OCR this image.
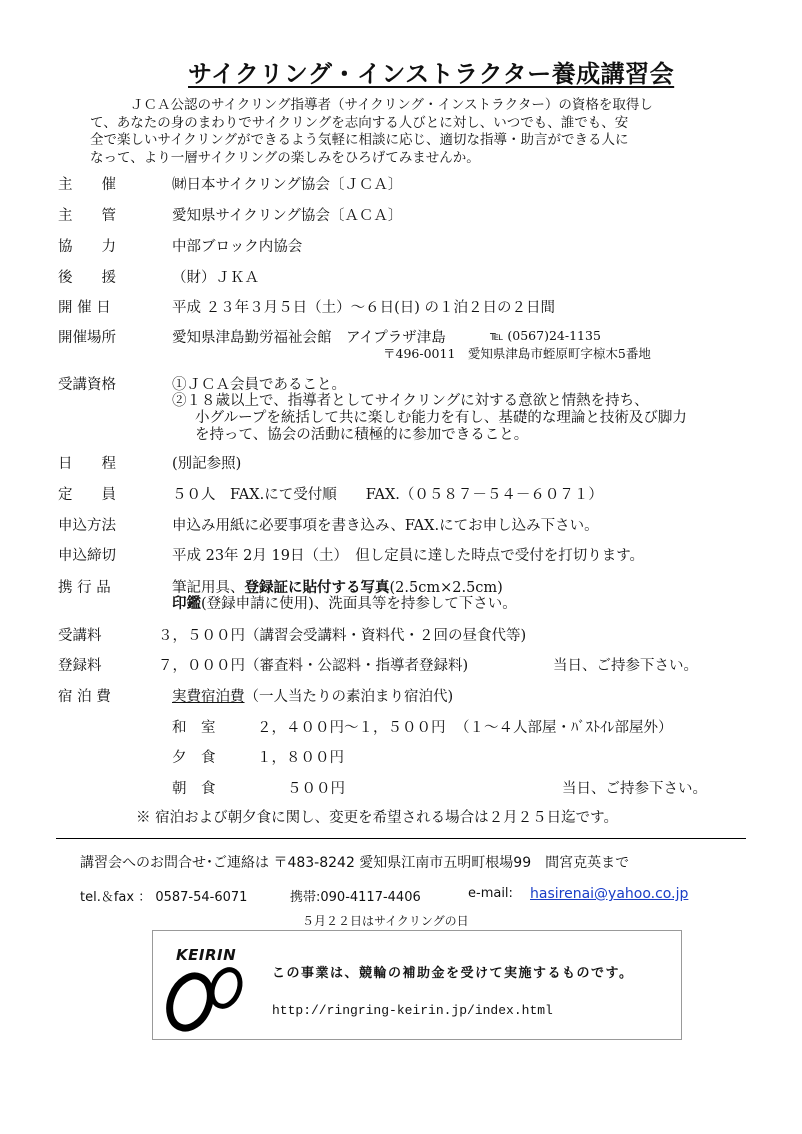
サイクリング・インストラクター養成講習会

ＪＣＡ公認のサイクリング指導者（サイクリング・インストラクター）の資格を取得し

て、あなたの身のまわりでサイクリングを志向する人びとに対し、いつでも、誰でも、安

全で楽しいサイクリングができるよう気軽に相談に応じ、適切な指導・助言ができる人に

なって、より一層サイクリングの楽しみをひろげてみませんか。

主　　催	㈶日本サイクリング協会〔ＪＣＡ〕
主　　管	愛知県サイクリング協会〔ＡＣＡ〕
協　　力	中部ブロック内協会
後　　援	（財）ＪＫＡ
開 催 日	平成 ２３年３月５日（土）～６日(日) の１泊２日の２日間
開催場所	愛知県津島勤労福祉会館　アイプラザ津島	℡ (0567)24-1135
〒496-0011　愛知県津島市蛭原町字椋木5番地
受講資格	①ＪＣＡ会員であること。
②１８歳以上で、指導者としてサイクリングに対する意欲と情熱を持ち、
小グループを統括して共に楽しむ能力を有し、基礎的な理論と技術及び脚力
を持って、協会の活動に積極的に参加できること。
日　　程	(別記参照)
定　　員	５０人　FAX.にて受付順　　FAX.（０５８７－５４－６０７１）
申込方法	申込み用紙に必要事項を書き込み、FAX.にてお申し込み下さい。
申込締切	平成 23年 2月 19日（土）　但し定員に達した時点で受付を打切ります。
携 行 品	筆記用具、登録証に貼付する写真(2.5cm×2.5cm)
印鑑(登録申請に使用)、洗面具等を持参して下さい。
受講料	３，５００円（講習会受講料・資料代・２回の昼食代等)
登録料	７，０００円（審査料・公認料・指導者登録料)	当日、ご持参下さい。
宿 泊 費	実費宿泊費（一人当たりの素泊まり宿泊代)
和　室	２，４００円～１，５００円 （１～４人部屋・ﾊﾞｽﾄｲﾚ部屋外）
夕　食	１，８００円
朝　食	５００円	当日、ご持参下さい。
※ 宿泊および朝夕食に関し、変更を希望される場合は２月２５日迄です。
講習会へのお問合せ･ご連絡は 〒483-8242 愛知県江南市五明町根場99　間宮克英まで
tel.＆fax ： 0587-54-6071	携帯:090-4117-4406	e-mail: hasirenai@yahoo.co.jp
５月２２日はサイクリングの日
KEIRIN
この事業は、競輪の補助金を受けて実施するものです。
http://ringring-keirin.jp/index.html
